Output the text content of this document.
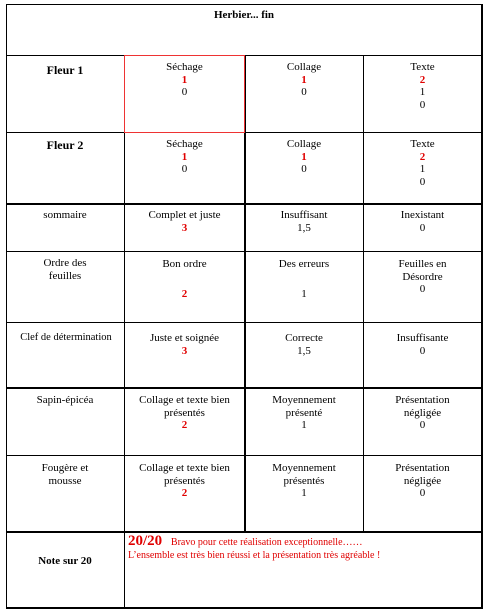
Herbier... fin
Fleur 1
Fleur 2
sommaire
Ordre des feuilles
Clef de détermination
Sapin-épicéa
Fougère et mousse
Séchage
1
0
Collage
1
0
Texte
2
1
0
Séchage
1
0
Collage
1
0
Texte
2
1
0
Complet et juste
3
Insuffisant
1,5
Inexistant
0
Bon ordre
2
Des erreurs
1
Feuilles en
Désordre
0
Juste et soignée
3
Correcte
1,5
Insuffisante
0
Collage et texte bien
présentés
2
Moyennement
présenté
1
Présentation
négligée
0
Collage et texte bien
présentés
2
Moyennement
présentés
1
Présentation
négligée
0
Note sur 20
20/20 Bravo pour cette réalisation exceptionnelle……
L’ensemble est très bien réussi et la présentation très agréable !
